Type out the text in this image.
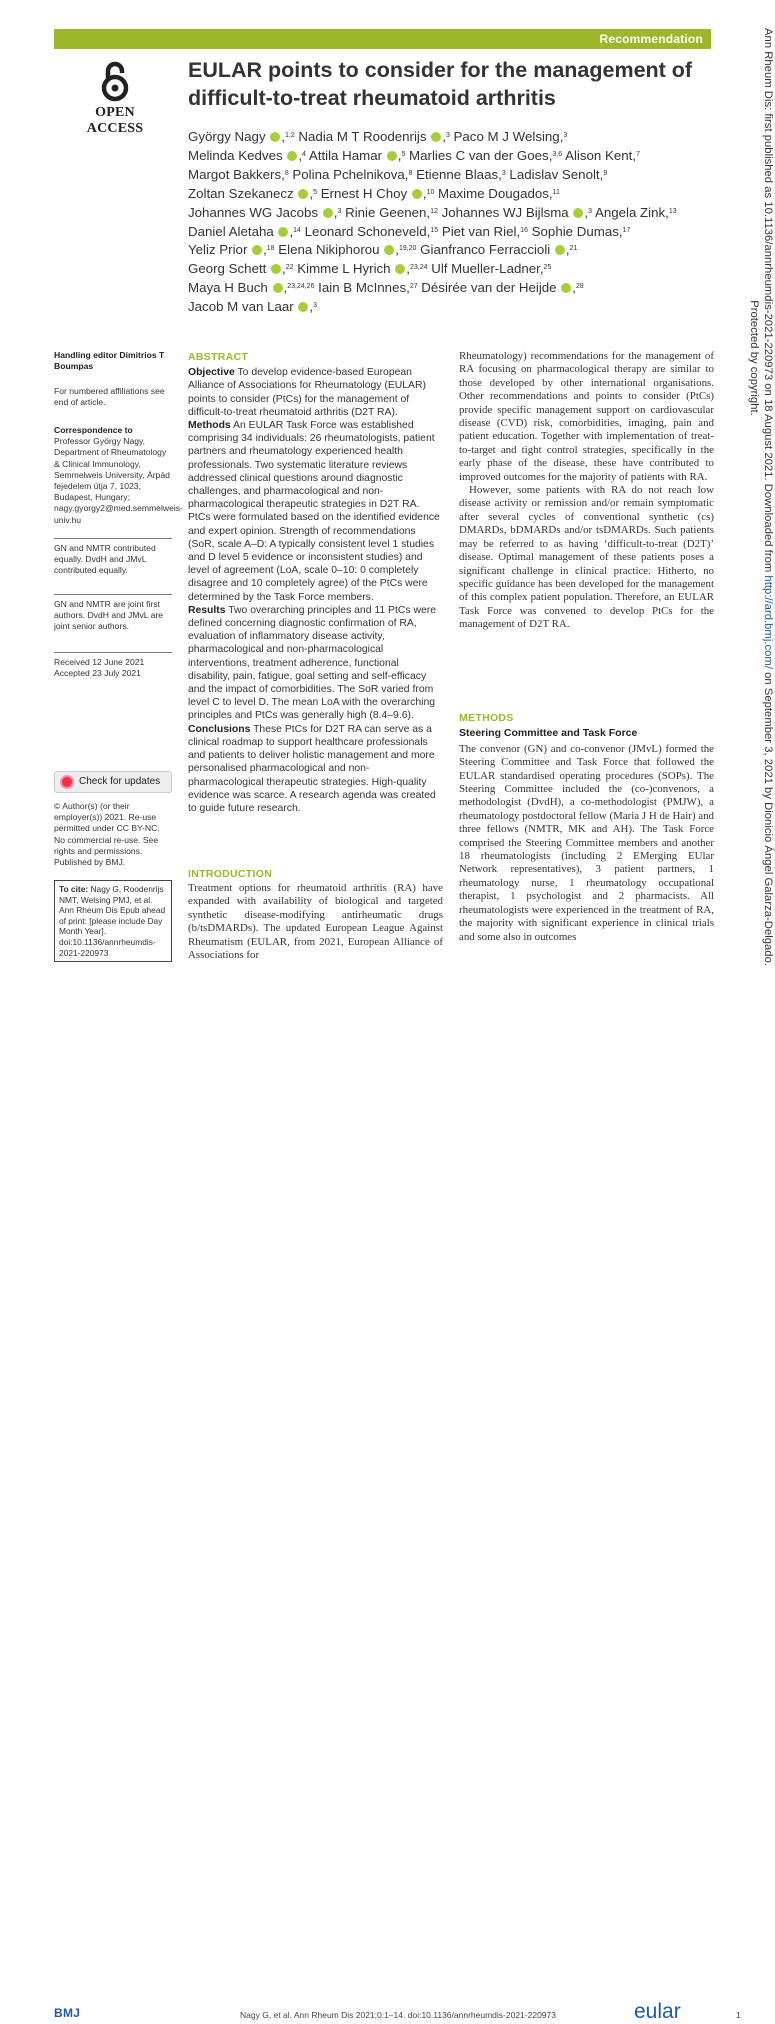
Recommendation
OPEN ACCESS
EULAR points to consider for the management of difficult-to-treat rheumatoid arthritis

György Nagy ,$^{1,2}$ Nadia M T Roodenrijs ,$^3$ Paco M J Welsing,$^3$

Melinda Kedves ,$^4$ Attila Hamar ,$^5$ Marlies C van der Goes,$^{3,6}$ Alison Kent,$^7$

Margot Bakkers,$^8$ Polina Pchelnikova,$^8$ Etienne Blaas,$^3$ Ladislav Senolt,$^9$

Zoltan Szekanecz ,$^5$ Ernest H Choy ,$^{10}$ Maxime Dougados,$^{11}$

Johannes WG Jacobs ,$^3$ Rinie Geenen,$^{12}$ Johannes WJ Bijlsma ,$^3$ Angela Zink,$^{13}$

Daniel Aletaha ,$^{14}$ Leonard Schoneveld,$^{15}$ Piet van Riel,$^{16}$ Sophie Dumas,$^{17}$

Yeliz Prior ,$^{18}$ Elena Nikiphorou ,$^{19,20}$ Gianfranco Ferraccioli ,$^{21}$

Georg Schett ,$^{22}$ Kimme L Hyrich ,$^{23,24}$ Ulf Mueller-Ladner,$^{25}$

Maya H Buch ,$^{23,24,26}$ Iain B McInnes,$^{27}$ Désirée van der Heijde ,$^{28}$

Jacob M van Laar ,$^3$

Handling editor Dimitrios T Boumpas
For numbered affiliations see end of article.
Correspondence to
Professor György Nagy, Department of Rheumatology & Clinical Immunology, Semmelweis University, Árpád fejedelem útja 7, 1023, Budapest, Hungary; nagy.gyorgy2@med.semmelweis-univ.hu
GN and NMTR contributed equally. DvdH and JMvL contributed equally.
GN and NMTR are joint first authors. DvdH and JMvL are joint senior authors.
Received 12 June 2021
Accepted 23 July 2021
Check for updates
© Author(s) (or their employer(s)) 2021. Re-use permitted under CC BY-NC. No commercial re-use. See rights and permissions. Published by BMJ.
To cite: Nagy G, Roodenrijs NMT, Welsing PMJ, et al. Ann Rheum Dis Epub ahead of print: [please include Day Month Year]. doi:10.1136/annrheumdis-2021-220973
ABSTRACT

Objective To develop evidence-based European Alliance of Associations for Rheumatology (EULAR) points to consider (PtCs) for the management of difficult-to-treat rheumatoid arthritis (D2T RA).

Methods An EULAR Task Force was established comprising 34 individuals: 26 rheumatologists, patient partners and rheumatology experienced health professionals. Two systematic literature reviews addressed clinical questions around diagnostic challenges, and pharmacological and non-pharmacological therapeutic strategies in D2T RA. PtCs were formulated based on the identified evidence and expert opinion. Strength of recommendations (SoR, scale A–D: A typically consistent level 1 studies and D level 5 evidence or inconsistent studies) and level of agreement (LoA, scale 0–10: 0 completely disagree and 10 completely agree) of the PtCs were determined by the Task Force members.

Results Two overarching principles and 11 PtCs were defined concerning diagnostic confirmation of RA, evaluation of inflammatory disease activity, pharmacological and non-pharmacological interventions, treatment adherence, functional disability, pain, fatigue, goal setting and self-efficacy and the impact of comorbidities. The SoR varied from level C to level D. The mean LoA with the overarching principles and PtCs was generally high (8.4–9.6).

Conclusions These PtCs for D2T RA can serve as a clinical roadmap to support healthcare professionals and patients to deliver holistic management and more personalised pharmacological and non-pharmacological therapeutic strategies. High-quality evidence was scarce. A research agenda was created to guide future research.

INTRODUCTION
Treatment options for rheumatoid arthritis (RA) have expanded with availability of biological and targeted synthetic disease-modifying antirheumatic drugs (b/tsDMARDs). The updated European League Against Rheumatism (EULAR, from 2021, European Alliance of Associations for

Rheumatology) recommendations for the management of RA focusing on pharmacological therapy are similar to those developed by other international organisations. Other recommendations and points to consider (PtCs) provide specific management support on cardiovascular disease (CVD) risk, comorbidities, imaging, pain and patient education. Together with implementation of treat-to-target and tight control strategies, specifically in the early phase of the disease, these have contributed to improved outcomes for the majority of patients with RA.

However, some patients with RA do not reach low disease activity or remission and/or remain symptomatic after several cycles of conventional synthetic (cs) DMARDs, bDMARDs and/or tsDMARDs. Such patients may be referred to as having ‘difficult-to-treat (D2T)’ disease. Optimal management of these patients poses a significant challenge in clinical practice. Hitherto, no specific guidance has been developed for the management of this complex patient population. Therefore, an EULAR Task Force was convened to develop PtCs for the management of D2T RA.

METHODS
Steering Committee and Task Force

The convenor (GN) and co-convenor (JMvL) formed the Steering Committee and Task Force that followed the EULAR standardised operating procedures (SOPs). The Steering Committee included the (co-)convenors, a methodologist (DvdH), a co-methodologist (PMJW), a rheumatology postdoctoral fellow (Maria J H de Hair) and three fellows (NMTR, MK and AH). The Task Force comprised the Steering Committee members and another 18 rheumatologists (including 2 EMerging EUlar Network representatives), 3 patient partners, 1 rheumatology nurse, 1 rheumatology occupational therapist, 1 psychologist and 2 pharmacists. All rheumatologists were experienced in the treatment of RA, the majority with significant experience in clinical trials and some also in outcomes

BMJ	Nagy G, et al. Ann Rheum Dis 2021;0:1–14. doi:10.1136/annrheumdis-2021-220973	eular	1
Ann Rheum Dis: first published as 10.1136/annrheumdis-2021-220973 on 18 August 2021. Downloaded from http://ard.bmj.com/ on September 3, 2021 by Dionicio Ángel Galarza-Delgado.
Protected by copyright.
